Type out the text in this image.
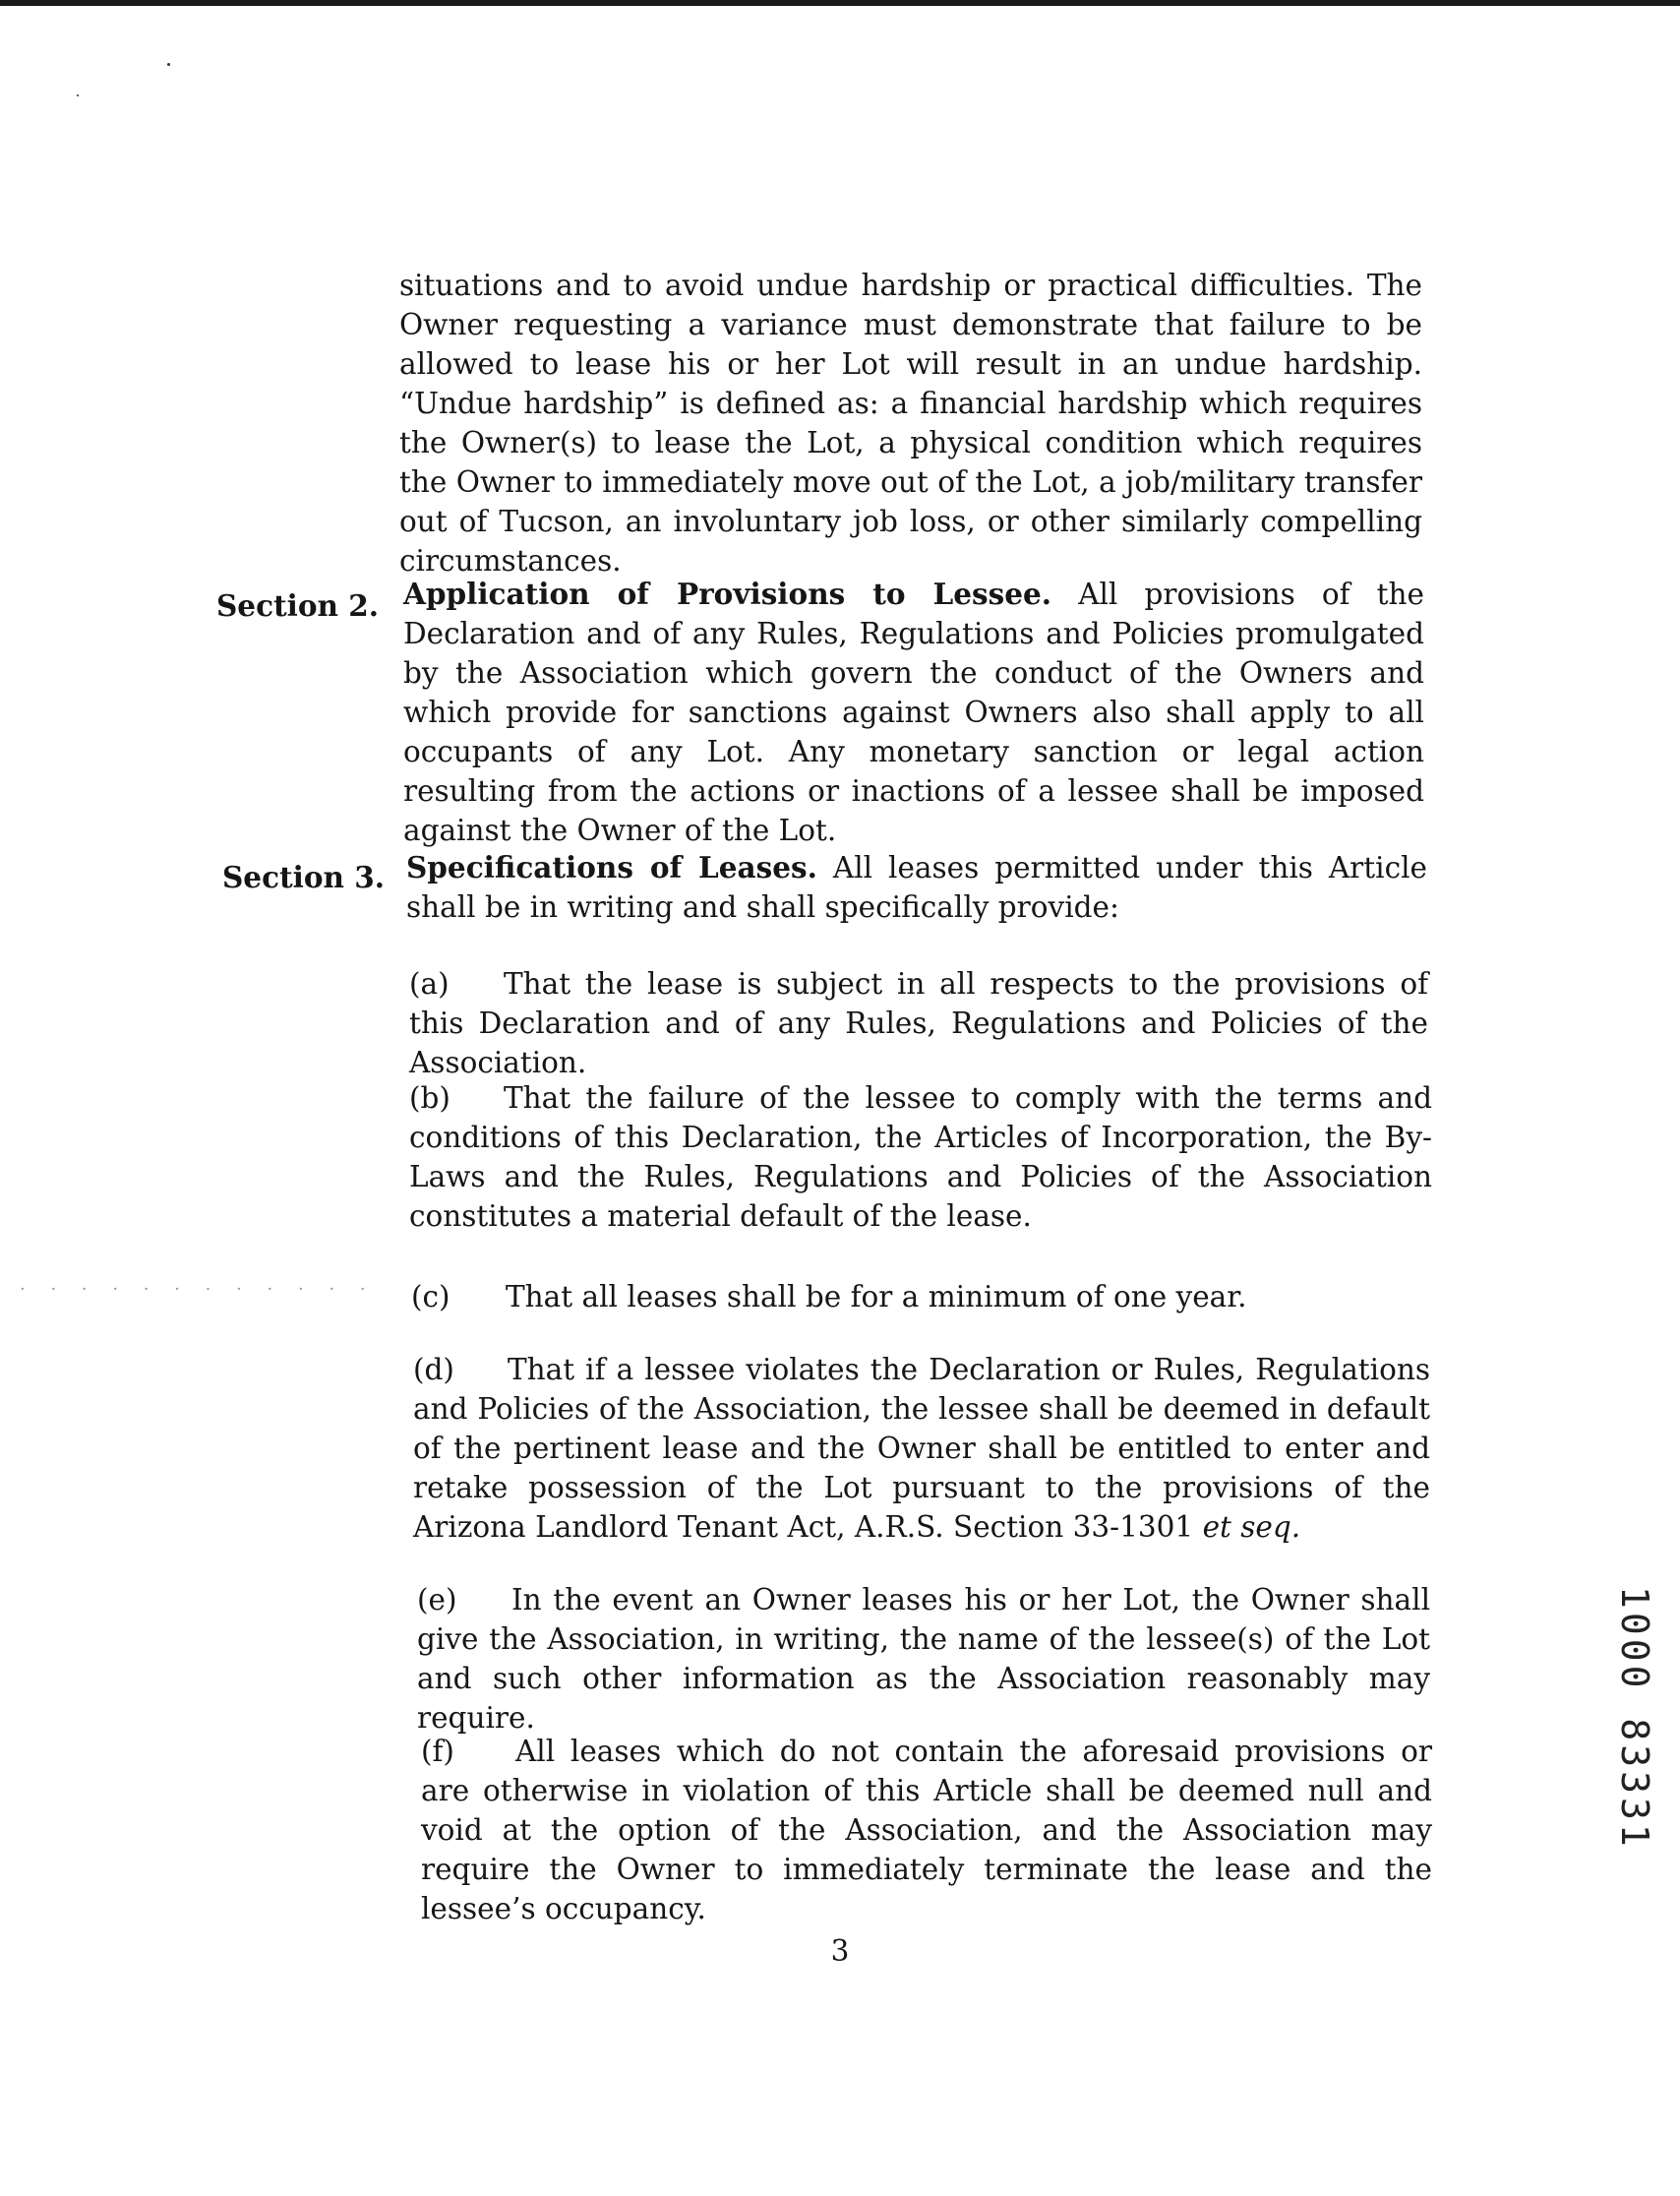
· · · · · · · · · · · ·

situations and to avoid undue hardship or practical difficulties. The Owner requesting a variance must demonstrate that failure to be allowed to lease his or her Lot will result in an undue hardship. “Undue hardship” is defined as: a financial hardship which requires the Owner(s) to lease the Lot, a physical condition which requires the Owner to immediately move out of the Lot, a job/military transfer out of Tucson, an involuntary job loss, or other similarly compelling circumstances.

Section 2. Application of Provisions to Lessee. All provisions of the Declaration and of any Rules, Regulations and Policies promulgated by the Association which govern the conduct of the Owners and which provide for sanctions against Owners also shall apply to all occupants of any Lot. Any monetary sanction or legal action resulting from the actions or inactions of a lessee shall be imposed against the Owner of the Lot.

Section 3. Specifications of Leases. All leases permitted under this Article shall be in writing and shall specifically provide:

(a) That the lease is subject in all respects to the provisions of this Declaration and of any Rules, Regulations and Policies of the Association.

(b) That the failure of the lessee to comply with the terms and conditions of this Declaration, the Articles of Incorporation, the By-Laws and the Rules, Regulations and Policies of the Association constitutes a material default of the lease.

(c) That all leases shall be for a minimum of one year.

(d) That if a lessee violates the Declaration or Rules, Regulations and Policies of the Association, the lessee shall be deemed in default of the pertinent lease and the Owner shall be entitled to enter and retake possession of the Lot pursuant to the provisions of the Arizona Landlord Tenant Act, A.R.S. Section 33-1301 et seq.

(e) In the event an Owner leases his or her Lot, the Owner shall give the Association, in writing, the name of the lessee(s) of the Lot and such other information as the Association reasonably may require.

(f) All leases which do not contain the aforesaid provisions or are otherwise in violation of this Article shall be deemed null and void at the option of the Association, and the Association may require the Owner to immediately terminate the lease and the lessee’s occupancy.

3
1000 83331
